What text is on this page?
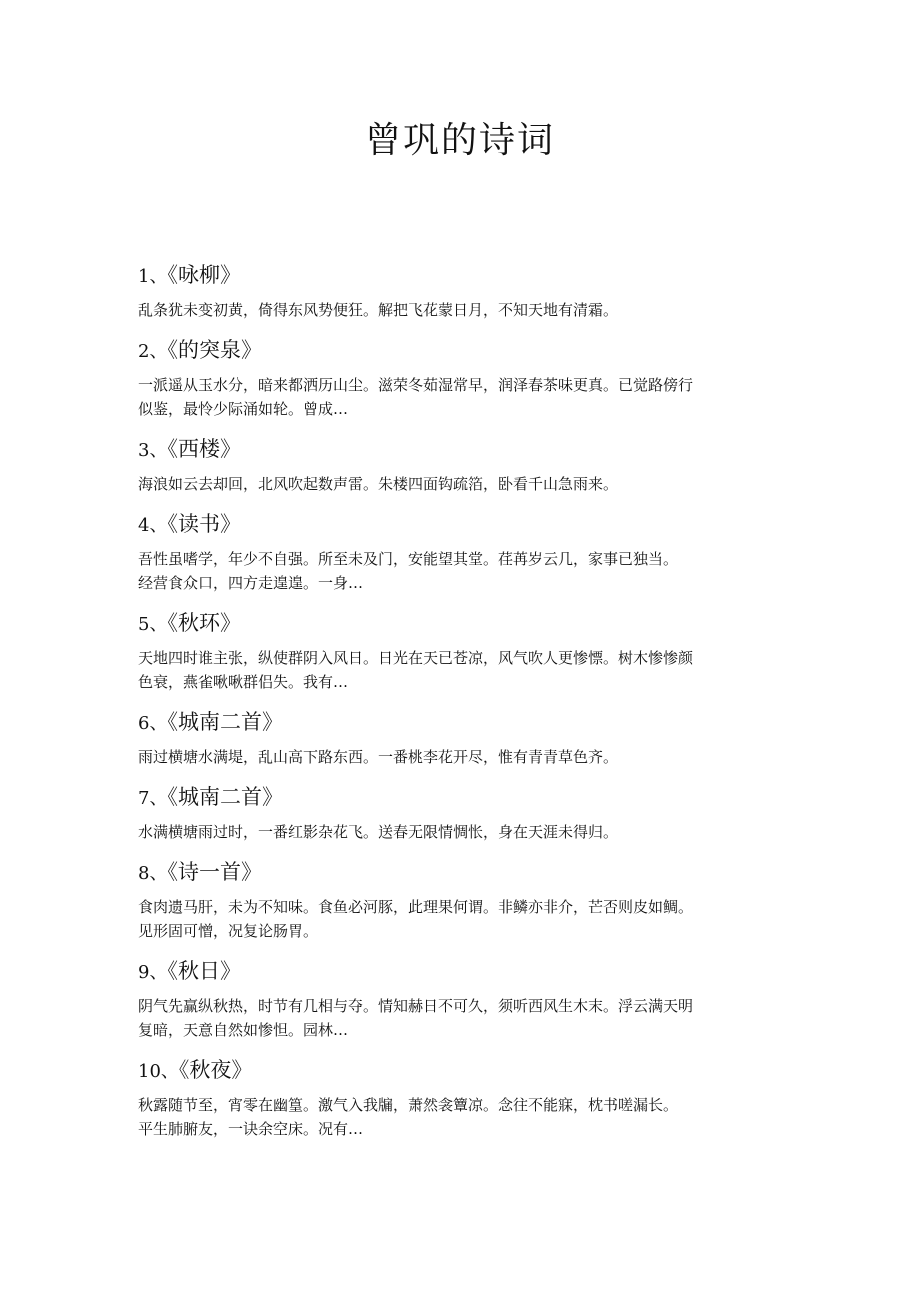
曾巩的诗词
1、《咏柳》

乱条犹未变初黄，倚得东风势便狂。解把飞花蒙日月，不知天地有清霜。

2、《的突泉》

一派遥从玉水分，暗来都洒历山尘。滋荣冬茹湿常早，润泽春茶味更真。已觉路傍行
似鉴，最怜少际涌如轮。曾成…

3、《西楼》

海浪如云去却回，北风吹起数声雷。朱楼四面钩疏箔，卧看千山急雨来。

4、《读书》

吾性虽嗜学，年少不自强。所至未及门，安能望其堂。荏苒岁云几，家事已独当。
经营食众口，四方走遑遑。一身…

5、《秋环》

天地四时谁主张，纵使群阴入风日。日光在天已苍凉，风气吹人更惨慓。树木惨惨颜
色衰，燕雀啾啾群侣失。我有…

6、《城南二首》

雨过横塘水满堤，乱山高下路东西。一番桃李花开尽，惟有青青草色齐。

7、《城南二首》

水满横塘雨过时，一番红影杂花飞。送春无限情惆怅，身在天涯未得归。

8、《诗一首》

食肉遗马肝，未为不知味。食鱼必河豚，此理果何谓。非鳞亦非介，芒否则皮如鲷。
见形固可憎，况复论肠胃。

9、《秋日》

阴气先赢纵秋热，时节有几相与夺。情知赫日不可久，须听西风生木末。浮云满天明
复暗，天意自然如惨怛。园林…

10、《秋夜》

秋露随节至，宵零在幽篁。激气入我牖，萧然衾簟凉。念往不能寐，枕书嗟漏长。
平生肺腑友，一诀余空床。况有…
